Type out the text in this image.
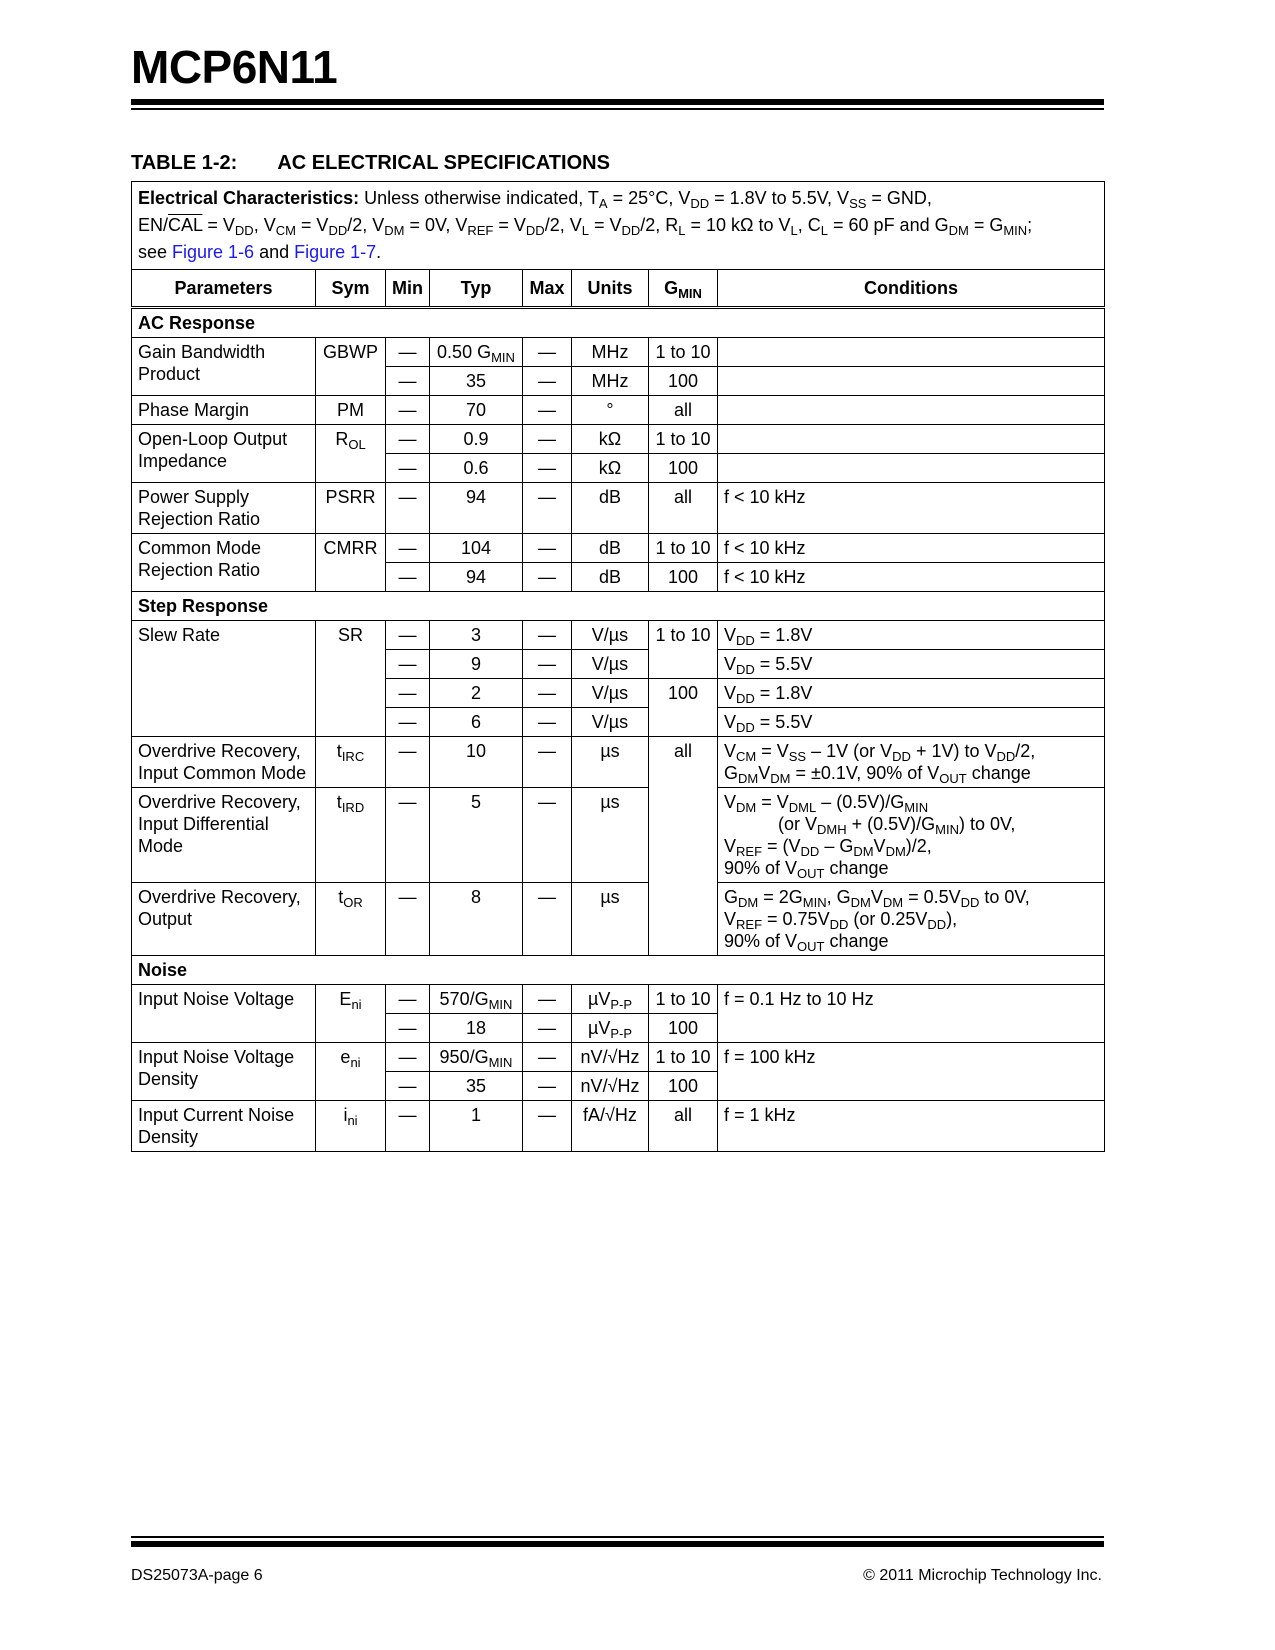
MCP6N11
TABLE 1-2: AC ELECTRICAL SPECIFICATIONS
Electrical Characteristics: Unless otherwise indicated, $T_A = 25^\circ C$, $V_{DD} = 1.8V$ to 5.5V, $V_{SS}$ = GND,
$EN/\overline{CAL} = V_{DD}$, $V_{CM} = V_{DD}/2$, $V_{DM} = 0V$, $V_{REF} = V_{DD}/2$, $V_L = V_{DD}/2$, $R_L = 10$ kΩ to $V_L$, $C_L = 60$ pF and $G_{DM} = G_{MIN}$;
see Figure 1-6 and Figure 1-7.							
Parameters	Sym	Min	Typ	Max	Units	$G_{MIN}$	Conditions
AC Response							
Gain Bandwidth Product	GBWP	—	0.50 $G_{MIN}$	—	MHz	1 to 10	
		—	35	—	MHz	100	
Phase Margin	PM	—	70	—	°	all	
Open-Loop Output Impedance	$R_{OL}$	—	0.9	—	kΩ	1 to 10	
		—	0.6	—	kΩ	100	
Power Supply Rejection Ratio	PSRR	—	94	—	dB	all	f < 10 kHz
Common Mode Rejection Ratio	CMRR	—	104	—	dB	1 to 10	f < 10 kHz
		—	94	—	dB	100	f < 10 kHz
Step Response							
Slew Rate	SR	—	3	—	V/µs	1 to 10	$V_{DD} = 1.8V$
		—	9	—	V/µs		$V_{DD} = 5.5V$
		—	2	—	V/µs	100	$V_{DD} = 1.8V$
		—	6	—	V/µs		$V_{DD} = 5.5V$
Overdrive Recovery, Input Common Mode	$t_{IRC}$	—	10	—	µs	all	$V_{CM} = V_{SS} - 1V$ (or $V_{DD} + 1V$) to $V_{DD}/2$,
$G_{DM}V_{DM} = \pm 0.1V$, 90% of $V_{OUT}$ change
Overdrive Recovery, Input Differential Mode	$t_{IRD}$	—	5	—	µs		$V_{DM} = V_{DML} - (0.5V)/G_{MIN}$
(or $V_{DMH} + (0.5V)/G_{MIN}$) to 0V,
$V_{REF} = (V_{DD} - G_{DM}V_{DM})/2$,
90% of $V_{OUT}$ change
Overdrive Recovery, Output	$t_{OR}$	—	8	—	µs		$G_{DM} = 2G_{MIN}$, $G_{DM}V_{DM} = 0.5V_{DD}$ to 0V,
$V_{REF} = 0.75V_{DD}$ (or $0.25V_{DD}$),
90% of $V_{OUT}$ change
Noise							
Input Noise Voltage	$E_{ni}$	—	$570/G_{MIN}$	—	µV$_{P-P}$	1 to 10	f = 0.1 Hz to 10 Hz
		—	18	—	µV$_{P-P}$	100	
Input Noise Voltage Density	$e_{ni}$	—	$950/G_{MIN}$	—	nV/√Hz	1 to 10	f = 100 kHz
		—	35	—	nV/√Hz	100	
Input Current Noise Density	$i_{ni}$	—	1	—	fA/√Hz	all	f = 1 kHz
DS25073A-page 6	© 2011 Microchip Technology Inc.
